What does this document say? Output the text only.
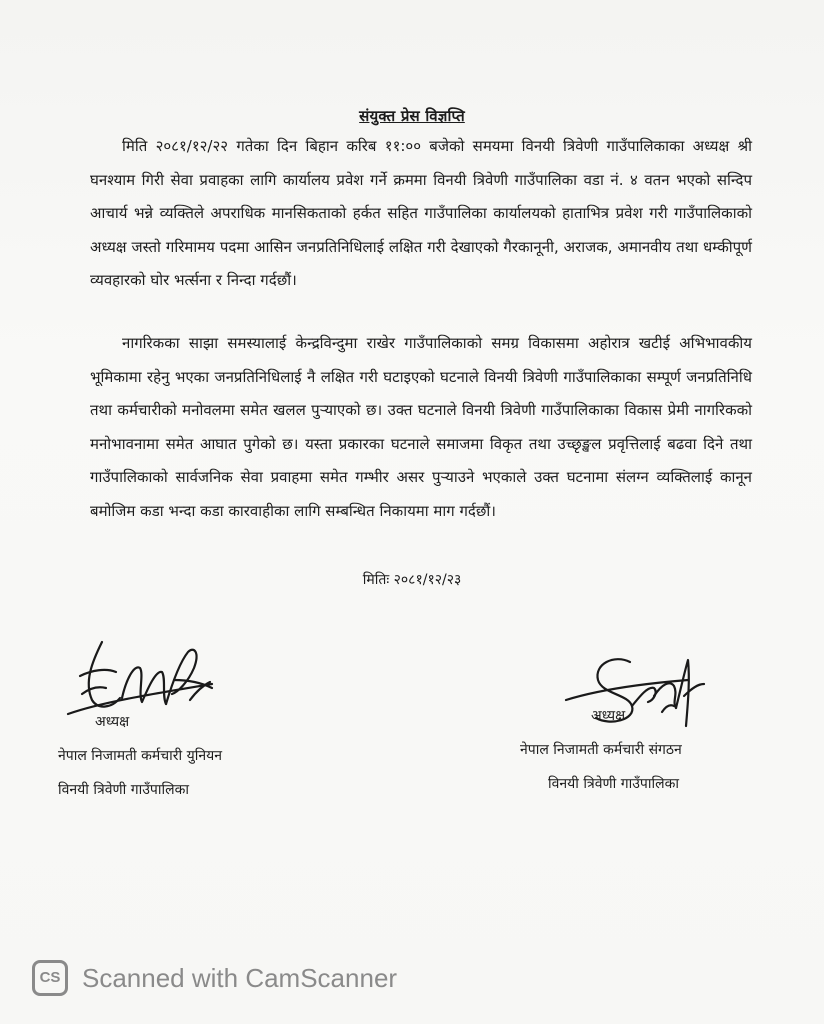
संयुक्त प्रेस विज्ञप्ति

मिति २०८१/१२/२२ गतेका दिन बिहान करिब ११:०० बजेको समयमा विनयी त्रिवेणी गाउँपालिकाका अध्यक्ष श्री घनश्याम गिरी सेवा प्रवाहका लागि कार्यालय प्रवेश गर्ने क्रममा विनयी त्रिवेणी गाउँपालिका वडा नं. ४ वतन भएको सन्दिप आचार्य भन्ने व्यक्तिले अपराधिक मानसिकताको हर्कत सहित गाउँपालिका कार्यालयको हाताभित्र प्रवेश गरी गाउँपालिकाको अध्यक्ष जस्तो गरिमामय पदमा आसिन जनप्रतिनिधिलाई लक्षित गरी देखाएको गैरकानूनी, अराजक, अमानवीय तथा धम्कीपूर्ण व्यवहारको घोर भर्त्सना र निन्दा गर्दछौं।

नागरिकका साझा समस्यालाई केन्द्रविन्दुमा राखेर गाउँपालिकाको समग्र विकासमा अहोरात्र खटीई अभिभावकीय भूमिकामा रहेनु भएका जनप्रतिनिधिलाई नै लक्षित गरी घटाइएको घटनाले विनयी त्रिवेणी गाउँपालिकाका सम्पूर्ण जनप्रतिनिधि तथा कर्मचारीको मनोवलमा समेत खलल पुऱ्याएको छ। उक्त घटनाले विनयी त्रिवेणी गाउँपालिकाका विकास प्रेमी नागरिकको मनोभावनामा समेत आघात पुगेको छ। यस्ता प्रकारका घटनाले समाजमा विकृत तथा उच्छृङ्खल प्रवृत्तिलाई बढवा दिने तथा गाउँपालिकाको सार्वजनिक सेवा प्रवाहमा समेत गम्भीर असर पुऱ्याउने भएकाले उक्त घटनामा संलग्न व्यक्तिलाई कानून बमोजिम कडा भन्दा कडा कारवाहीका लागि सम्बन्धित निकायमा माग गर्दछौं।

मितिः २०८१/१२/२३
अध्यक्ष
नेपाल निजामती कर्मचारी युनियन
विनयी त्रिवेणी गाउँपालिका
अध्यक्ष
नेपाल निजामती कर्मचारी संगठन
विनयी त्रिवेणी गाउँपालिका
CS Scanned with CamScanner
